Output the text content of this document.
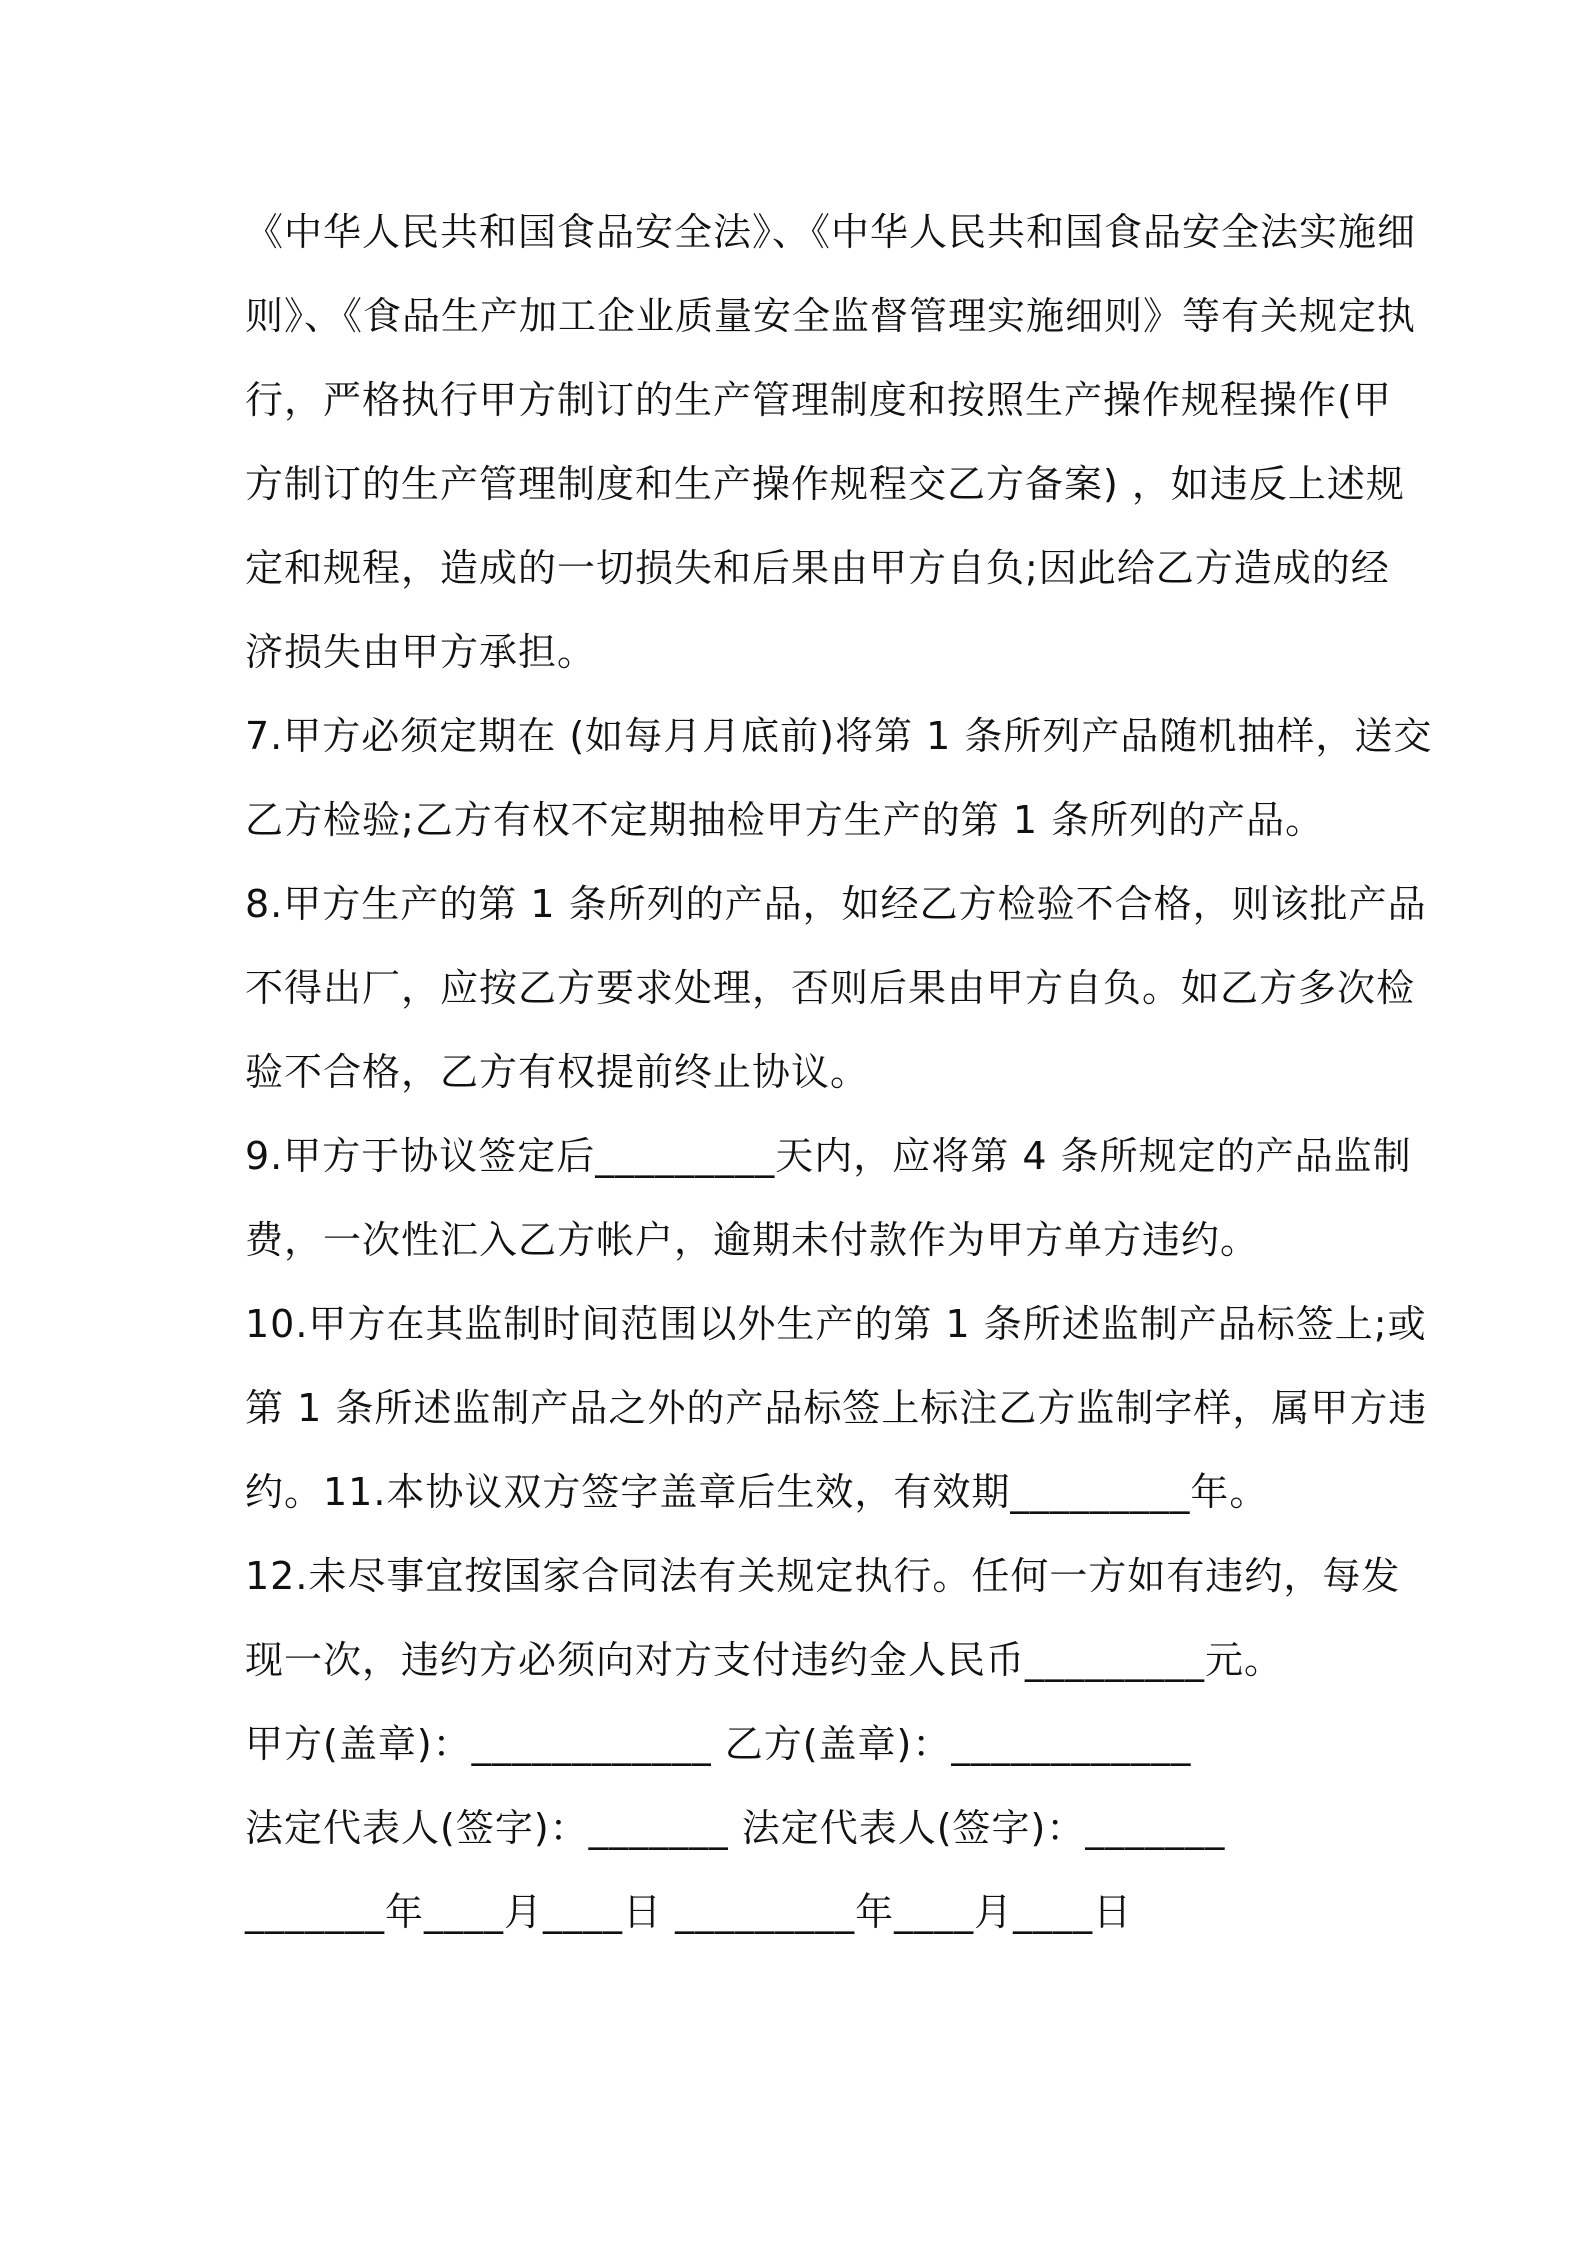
《中华人民共和国食品安全法》、《中华人民共和国食品安全法实施细
则》、《食品生产加工企业质量安全监督管理实施细则》等有关规定执
行，严格执行甲方制订的生产管理制度和按照生产操作规程操作(甲
方制订的生产管理制度和生产操作规程交乙方备案) ，如违反上述规
定和规程，造成的一切损失和后果由甲方自负;因此给乙方造成的经
济损失由甲方承担。
7.甲方必须定期在 (如每月月底前)将第 1 条所列产品随机抽样，送交
乙方检验;乙方有权不定期抽检甲方生产的第 1 条所列的产品。
8.甲方生产的第 1 条所列的产品，如经乙方检验不合格，则该批产品
不得出厂，应按乙方要求处理，否则后果由甲方自负。如乙方多次检
验不合格，乙方有权提前终止协议。
9.甲方于协议签定后_________天内，应将第 4 条所规定的产品监制
费，一次性汇入乙方帐户，逾期未付款作为甲方单方违约。
10.甲方在其监制时间范围以外生产的第 1 条所述监制产品标签上;或
第 1 条所述监制产品之外的产品标签上标注乙方监制字样，属甲方违
约。11.本协议双方签字盖章后生效，有效期_________年。
12.未尽事宜按国家合同法有关规定执行。任何一方如有违约，每发
现一次，违约方必须向对方支付违约金人民币_________元。
甲方(盖章)：____________ 乙方(盖章)：____________
法定代表人(签字)：_______ 法定代表人(签字)：_______
_______年____月____日 _________年____月____日
